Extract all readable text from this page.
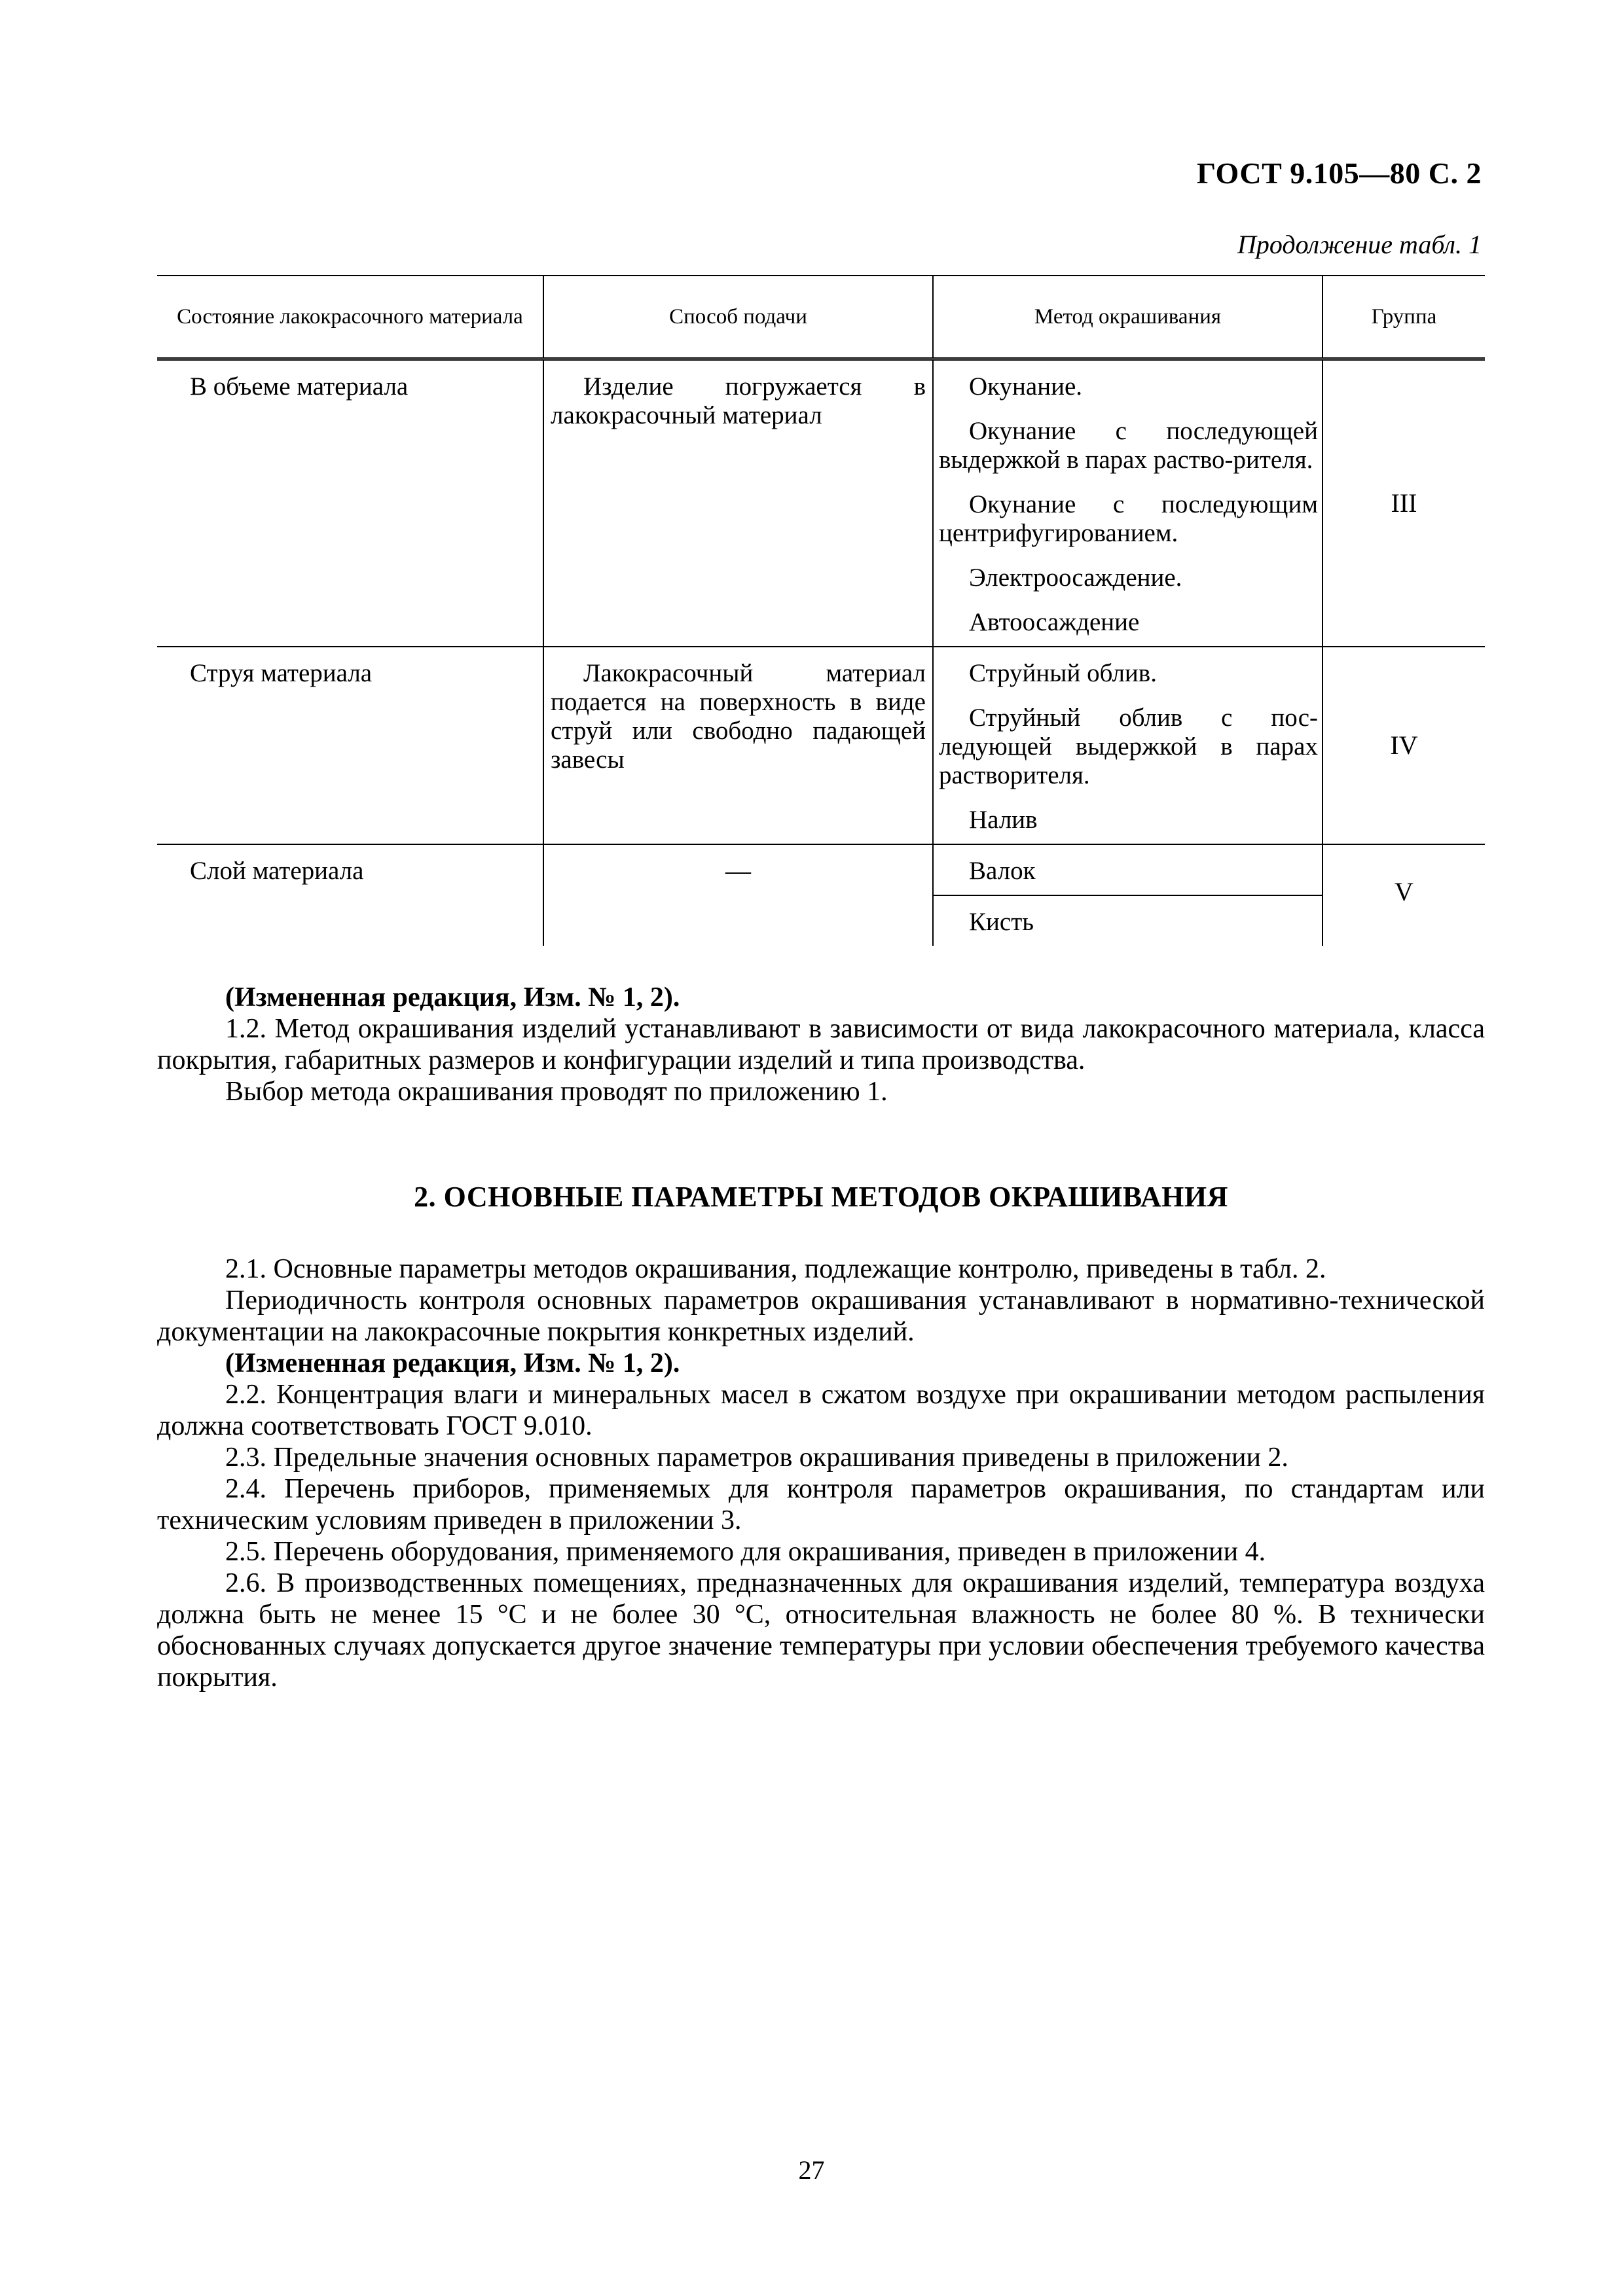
ГОСТ 9.105—80 С. 2
Продолжение табл. 1
Состояние лакокрасочного материала	Способ подачи	Метод окрашивания	Группа
В объеме материала	Изделие погружается в лакокрасочный материал	Окунание.
Окунание с последующей выдержкой в парах раство-рителя.
Окунание с последующим центрифугированием.
Электроосаждение.
Автоосаждение	III
Струя материала	Лакокрасочный материал подается на поверхность в виде струй или свободно падающей завесы	Струйный облив.
Струйный облив с пос-ледующей выдержкой в парах растворителя.
Налив	IV
Слой материала	—	Валок
Кисть	V
(Измененная редакция, Изм. № 1, 2).
1.2. Метод окрашивания изделий устанавливают в зависимости от вида лакокрасочного материала, класса покрытия, габаритных размеров и конфигурации изделий и типа производства.
Выбор метода окрашивания проводят по приложению 1.
2. ОСНОВНЫЕ ПАРАМЕТРЫ МЕТОДОВ ОКРАШИВАНИЯ
2.1. Основные параметры методов окрашивания, подлежащие контролю, приведены в табл. 2.
Периодичность контроля основных параметров окрашивания устанавливают в нормативно-технической документации на лакокрасочные покрытия конкретных изделий.
(Измененная редакция, Изм. № 1, 2).
2.2. Концентрация влаги и минеральных масел в сжатом воздухе при окрашивании методом распыления должна соответствовать ГОСТ 9.010.
2.3. Предельные значения основных параметров окрашивания приведены в приложении 2.
2.4. Перечень приборов, применяемых для контроля параметров окрашивания, по стандартам или техническим условиям приведен в приложении 3.
2.5. Перечень оборудования, применяемого для окрашивания, приведен в приложении 4.
2.6. В производственных помещениях, предназначенных для окрашивания изделий, температура воздуха должна быть не менее 15 °С и не более 30 °С, относительная влажность не более 80 %. В технически обоснованных случаях допускается другое значение температуры при условии обеспечения требуемого качества покрытия.
27
